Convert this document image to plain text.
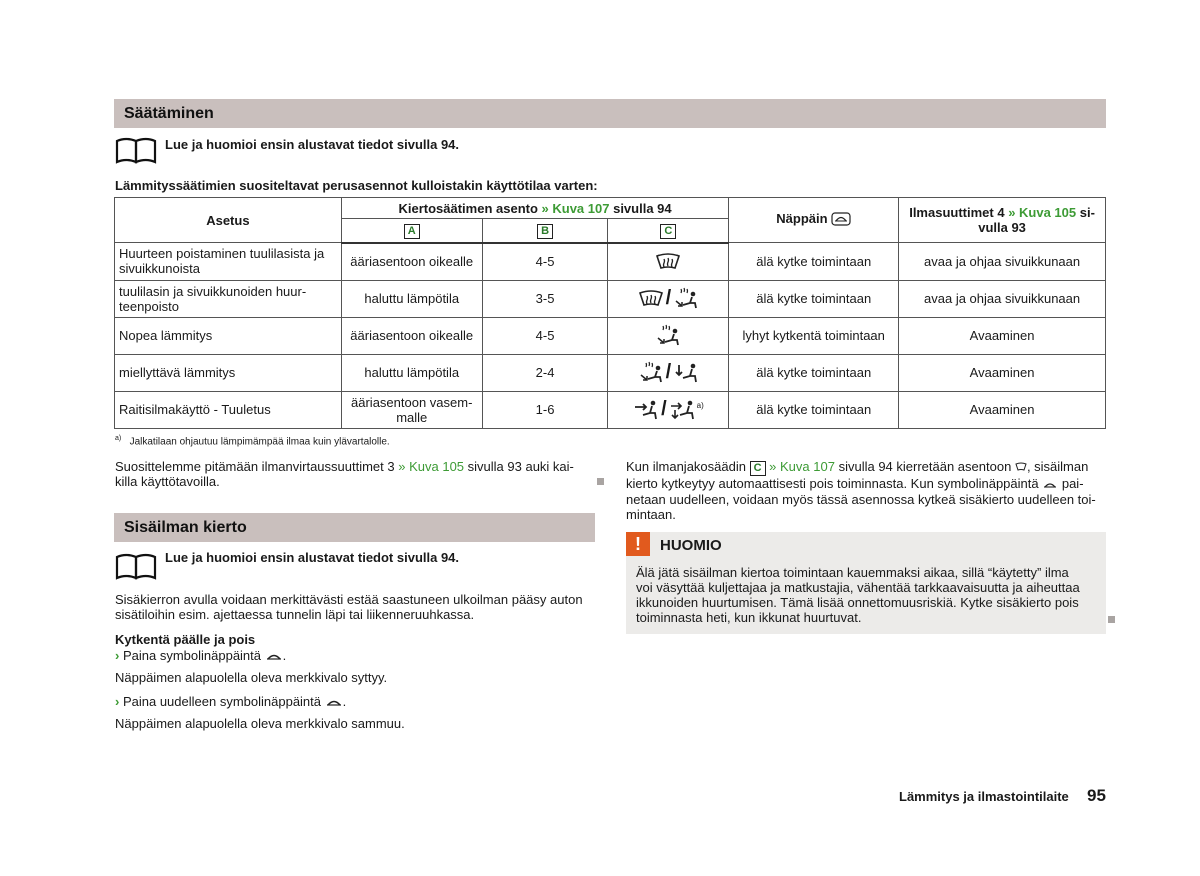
Säätäminen
Lue ja huomioi ensin alustavat tiedot sivulla 94.
Lämmityssäätimien suositeltavat perusasennot kulloistakin käyttötilaa varten:
Asetus	Kiertosäätimen asento » Kuva 107 sivulla 94			Näppäin	Ilmasuuttimet 4 » Kuva 105 si-
vulla 93
	A	B	C		
Huurteen poistaminen tuulilasista ja sivuikkunoista	ääriasentoon oikealle	4-5		älä kytke toimintaan	avaa ja ohjaa sivuikkunaan
tuulilasin ja sivuikkunoiden huurteenpoisto	haluttu lämpötila	3-5	/	älä kytke toimintaan	avaa ja ohjaa sivuikkunaan
Nopea lämmitys	ääriasentoon oikealle	4-5		lyhyt kytkentä toimintaan	Avaaminen
miellyttävä lämmitys	haluttu lämpötila	2-4	/	älä kytke toimintaan	Avaaminen
Raitisilmakäyttö - Tuuletus	ääriasentoon vasemmalle	1-6	/ $^{a)}$	älä kytke toimintaan	Avaaminen
$^{a)}$ Jalkatilaan ohjautuu lämpimämpää ilmaa kuin ylävartalolle.
Suosittelemme pitämään ilmanvirtaussuuttimet 3 » Kuva 105 sivulla 93 auki kai-
killa käyttötavoilla.
Sisäilman kierto
Lue ja huomioi ensin alustavat tiedot sivulla 94.
Sisäkierron avulla voidaan merkittävästi estää saastuneen ulkoilman pääsy auton
sisätiloihin esim. ajettaessa tunnelin läpi tai liikenneruuhkassa.
Kytkentä päälle ja pois
› Paina symbolinäppäintä .
Näppäimen alapuolella oleva merkkivalo syttyy.
› Paina uudelleen symbolinäppäintä .
Näppäimen alapuolella oleva merkkivalo sammuu.
Kun ilmanjakosäädin C » Kuva 107 sivulla 94 kierretään asentoon , sisäilman
kierto kytkeytyy automaattisesti pois toiminnasta. Kun symbolinäppäintä pai-
netaan uudelleen, voidaan myös tässä asennossa kytkeä sisäkierto uudelleen toi-
mintaan.
!	HUOMIO
Älä jätä sisäilman kiertoa toimintaan kauemmaksi aikaa, sillä “käytetty” ilma
voi väsyttää kuljettajaa ja matkustajia, vähentää tarkkaavaisuutta ja aiheuttaa
ikkunoiden huurtumisen. Tämä lisää onnettomuusriskiä. Kytke sisäkierto pois
toiminnasta heti, kun ikkunat huurtuvat.
Lämmitys ja ilmastointilaite 95
